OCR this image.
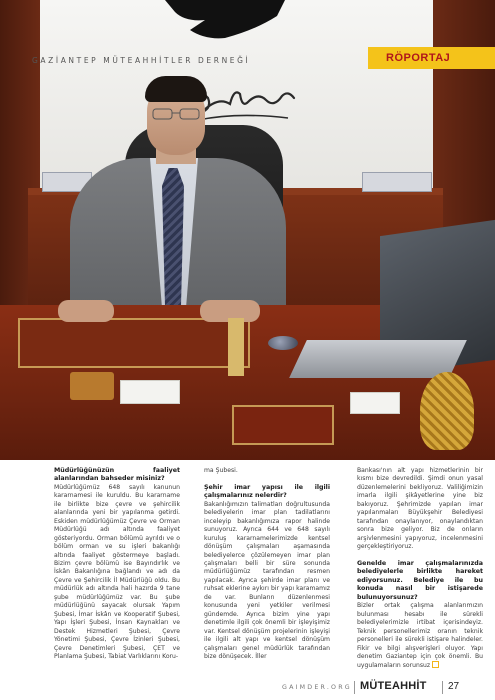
GAZİANTEP MÜTEAHHİTLER DERNEĞİ	RÖPORTAJ
Müdürlüğünüzün faaliyet alanlarından bahseder misiniz?

Müdürlüğümüz 648 sayılı kanunun kararnamesi ile kuruldu. Bu kararname ile birlikte bize çevre ve şehircilik alanlarında yeni bir yapılanma getirdi. Eskiden müdürlüğümüz Çevre ve Orman Müdürlüğü adı altında faaliyet gösteriyordu. Orman bölümü ayrıldı ve o bölüm orman ve su işleri bakanlığı altında faaliyet göstermeye başladı. Bizim çevre bölümü ise Bayındırlık ve İskân Bakanlığına bağlandı ve adı da Çevre ve Şehircilik İl Müdürlüğü oldu. Bu müdürlük adı altında hali hazırda 9 tane şube müdürlüğümüz var. Bu şube müdürlüğünü sayacak olursak Yapım Şubesi, İmar İskân ve Kooperatif Şubesi, Yapı İşleri Şubesi, İnsan Kaynakları ve Destek Hizmetleri Şubesi, Çevre Yönetimi Şubesi, Çevre İzinleri Şubesi, Çevre Denetimleri Şubesi, ÇET ve Planlama Şubesi, Tabiat Varlıklarını Koru-

ma Şubesi.

Şehir imar yapısı ile ilgili çalışmalarınız nelerdir?

Bakanlığımızın talimatları doğrultusunda belediyelerin imar plan tadilatlarını inceleyip bakanlığımıza rapor halinde sunuyoruz. Ayrıca 644 ve 648 sayılı kuruluş kararnamelerimizde kentsel dönüşüm çalışmaları aşamasında belediyelerce çözülemeyen imar plan çalışmaları belli bir süre sonunda müdürlüğümüz tarafından resmen yapılacak. Ayrıca şehirde imar planı ve ruhsat eklerine aykırı bir yapı karamamız de var. Bunların düzenlenmesi konusunda yeni yetkiler verilmesi gündemde. Ayrıca bizim yine yapı denetimle ilgili çok önemli bir işleyişimiz var. Kentsel dönüşüm projelerinin işleyişi ile ilgili alt yapı ve kentsel dönüşüm çalışmaları genel müdürlük tarafından bize dönüşecek. İller

Bankası'nın alt yapı hizmetlerinin bir kısmı bize devredildi. Şimdi onun yasal düzenlemelerini bekliyoruz. Valiliğimizin imarla ilgili şikâyetlerine yine biz bakıyoruz. Şehrimizde yapılan imar yapılanmaları Büyükşehir Belediyesi tarafından onaylanıyor, onaylandıktan sonra bize geliyor. Biz de onların arşivlenmesini yapıyoruz, incelenmesini gerçekleştiriyoruz.

Genelde imar çalışmalarınızda belediyelerle birlikte hareket ediyorsunuz. Belediye ile bu konuda nasıl bir istişarede bulunuyorsunuz?

Bizler ortak çalışma alanlarımızın bulunması hesabı ile sürekli belediyelerimizle irtibat içerisindeyiz. Teknik personellerimiz oranın teknik personelleri ile sürekli istişare halindeler. Fikir ve bilgi alışverişleri oluyor. Yapı denetim Gaziantep için çok önemli. Bu uygulamaların sorunsuz

GAIMDER.ORG MÜTEAHHİT 27
